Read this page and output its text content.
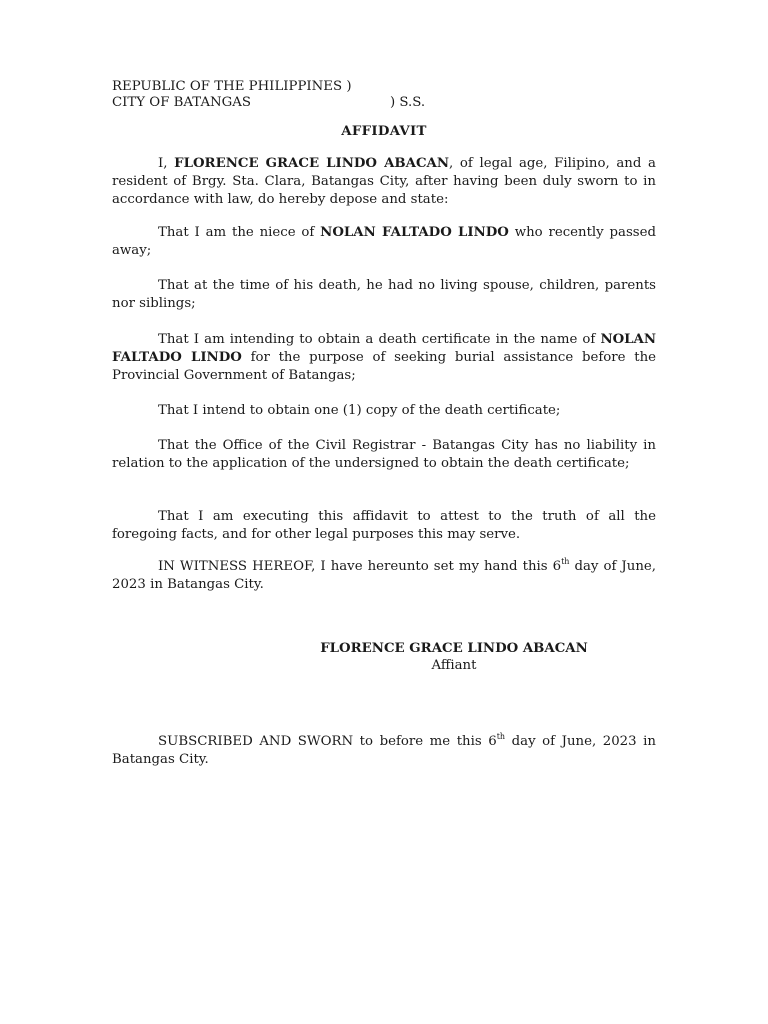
REPUBLIC OF THE PHILIPPINES )
CITY OF BATANGAS	) S.S.
AFFIDAVIT

I, FLORENCE GRACE LINDO ABACAN, of legal age, Filipino, and a resident of Brgy. Sta. Clara, Batangas City, after having been duly sworn to in accordance with law, do hereby depose and state:

That I am the niece of NOLAN FALTADO LINDO who recently passed away;

That at the time of his death, he had no living spouse, children, parents nor siblings;

That I am intending to obtain a death certificate in the name of NOLAN FALTADO LINDO for the purpose of seeking burial assistance before the Provincial Government of Batangas;

That I intend to obtain one (1) copy of the death certificate;

That the Office of the Civil Registrar - Batangas City has no liability in relation to the application of the undersigned to obtain the death certificate;

That I am executing this affidavit to attest to the truth of all the foregoing facts, and for other legal purposes this may serve.

IN WITNESS HEREOF, I have hereunto set my hand this 6th day of June, 2023 in Batangas City.

FLORENCE GRACE LINDO ABACAN
Affiant

SUBSCRIBED AND SWORN to before me this 6th day of June, 2023 in Batangas City.
